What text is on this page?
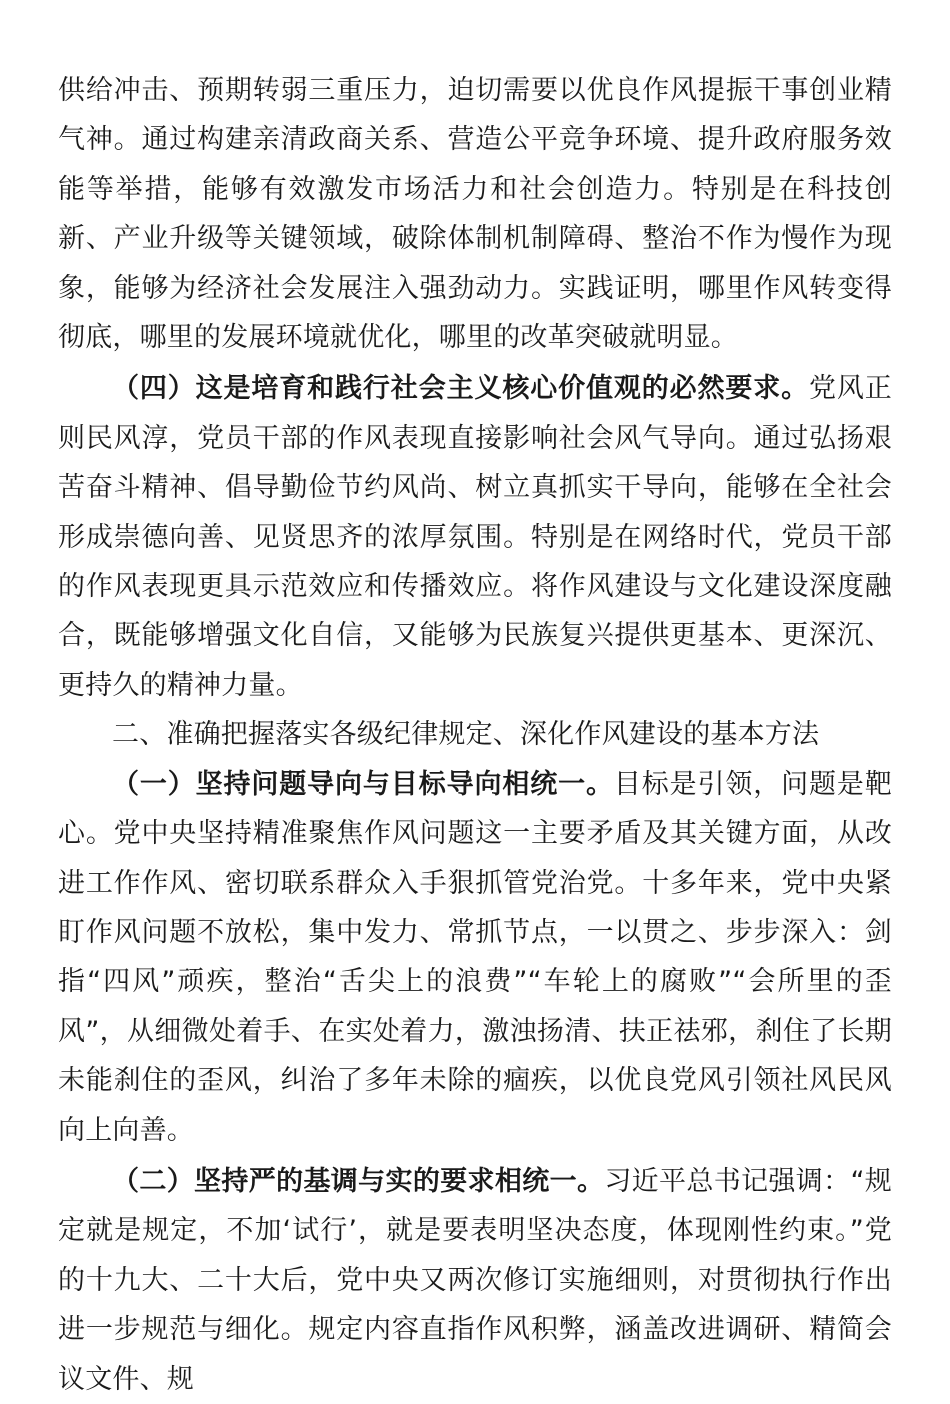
供给冲击、预期转弱三重压力，迫切需要以优良作风提振干事创业精气神。通过构建亲清政商关系、营造公平竞争环境、提升政府服务效能等举措，能够有效激发市场活力和社会创造力。特别是在科技创新、产业升级等关键领域，破除体制机制障碍、整治不作为慢作为现象，能够为经济社会发展注入强劲动力。实践证明，哪里作风转变得彻底，哪里的发展环境就优化，哪里的改革突破就明显。

（四）这是培育和践行社会主义核心价值观的必然要求。党风正则民风淳，党员干部的作风表现直接影响社会风气导向。通过弘扬艰苦奋斗精神、倡导勤俭节约风尚、树立真抓实干导向，能够在全社会形成崇德向善、见贤思齐的浓厚氛围。特别是在网络时代，党员干部的作风表现更具示范效应和传播效应。将作风建设与文化建设深度融合，既能够增强文化自信，又能够为民族复兴提供更基本、更深沉、更持久的精神力量。

二、准确把握落实各级纪律规定、深化作风建设的基本方法

（一）坚持问题导向与目标导向相统一。目标是引领，问题是靶心。党中央坚持精准聚焦作风问题这一主要矛盾及其关键方面，从改进工作作风、密切联系群众入手狠抓管党治党。十多年来，党中央紧盯作风问题不放松，集中发力、常抓节点，一以贯之、步步深入：剑指“四风”顽疾，整治“舌尖上的浪费”“车轮上的腐败”“会所里的歪风”，从细微处着手、在实处着力，激浊扬清、扶正祛邪，刹住了长期未能刹住的歪风，纠治了多年未除的痼疾，以优良党风引领社风民风向上向善。

（二）坚持严的基调与实的要求相统一。习近平总书记强调：“规定就是规定，不加‘试行’，就是要表明坚决态度，体现刚性约束。”党的十九大、二十大后，党中央又两次修订实施细则，对贯彻执行作出进一步规范与细化。规定内容直指作风积弊，涵盖改进调研、精简会议文件、规
